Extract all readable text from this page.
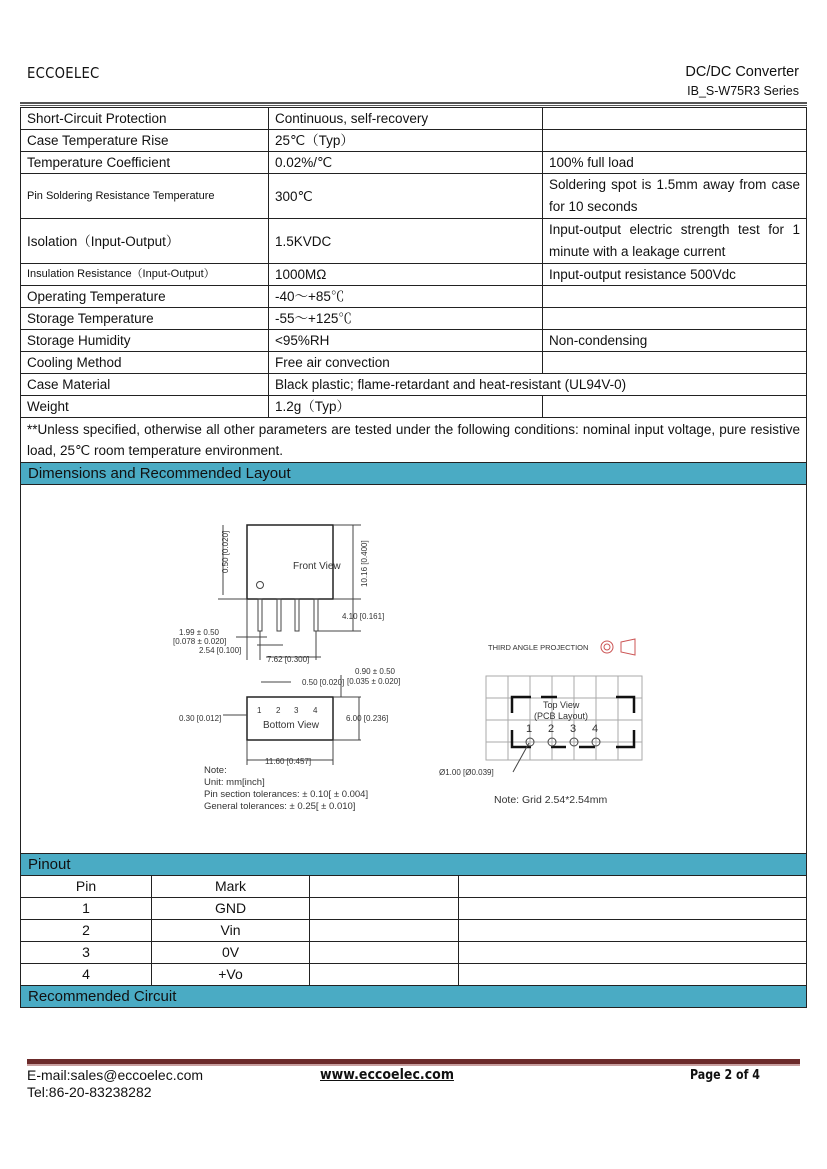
ECCOELEC	DC/DC Converter
IB_S-W75R3 Series
Short-Circuit Protection	Continuous, self-recovery	
Case Temperature Rise	25℃（Typ）	
Temperature Coefficient	0.02%/℃	100% full load
Pin Soldering Resistance Temperature	300℃	Soldering spot is 1.5mm away from case for 10 seconds
Isolation（Input-Output）	1.5KVDC	Input-output electric strength test for 1 minute with a leakage current
Insulation Resistance（Input-Output）	1000MΩ	Input-output resistance 500Vdc
Operating Temperature	-40～+85℃	
Storage Temperature	-55～+125℃	
Storage Humidity	<95%RH	Non-condensing
Cooling Method	Free air convection	
Case Material	Black plastic; flame-retardant and heat-resistant (UL94V-0)	
Weight	1.2g（Typ）	
**Unless specified, otherwise all other parameters are tested under the following conditions: nominal input voltage, pure resistive load, 25℃ room temperature environment.		
Dimensions and Recommended Layout		
Front View
Bottom View
0.50 [0.020]	10.16 [0.400]
4.10 [0.161]
1.99 ± 0.50
[0.078 ± 0.020]
2.54 [0.100]
7.62 [0.300]
0.90 ± 0.50
[0.035 ± 0.020]
0.50 [0.020]
0.30 [0.012]	6.00 [0.236]
11.60 [0.457]
1 2 3 4
Note:
Unit: mm[inch]
Pin section tolerances: ± 0.10[ ± 0.004]
General tolerances: ± 0.25[ ± 0.010]
THIRD ANGLE PROJECTION
Top View
(PCB Layout)
1 2 3 4
Ø1.00 [Ø0.039]
Note: Grid 2.54*2.54mm
Pinout			
Pin	Mark		
1	GND		
2	Vin		
3	0V		
4	+Vo		
Recommended Circuit			
E-mail:sales@eccoelec.com
Tel:86-20-83238282
www.eccoelec.com	Page 2 of 4
